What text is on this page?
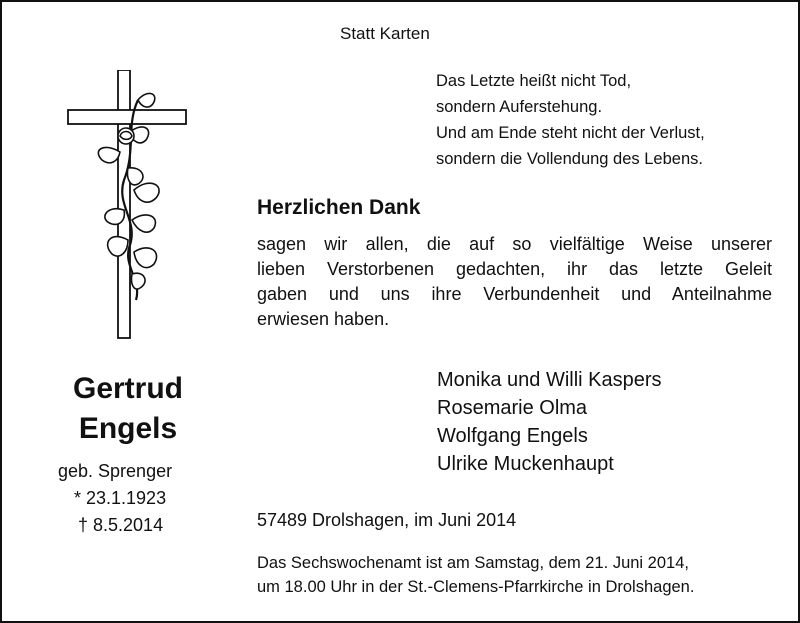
Statt Karten
Das Letzte heißt nicht Tod,
sondern Auferstehung.
Und am Ende steht nicht der Verlust,
sondern die Vollendung des Lebens.
Herzlichen Dank
sagen wir allen, die auf so vielfältige Weise unserer
lieben Verstorbenen gedachten, ihr das letzte Geleit
gaben und uns ihre Verbundenheit und Anteilnahme
erwiesen haben.
Monika und Willi Kaspers
Rosemarie Olma
Wolfgang Engels
Ulrike Muckenhaupt
57489 Drolshagen, im Juni 2014
Das Sechswochenamt ist am Samstag, dem 21. Juni 2014,
um 18.00 Uhr in der St.-Clemens-Pfarrkirche in Drolshagen.
Gertrud
Engels
geb. Sprenger
* 23.1.1923
† 8.5.2014
